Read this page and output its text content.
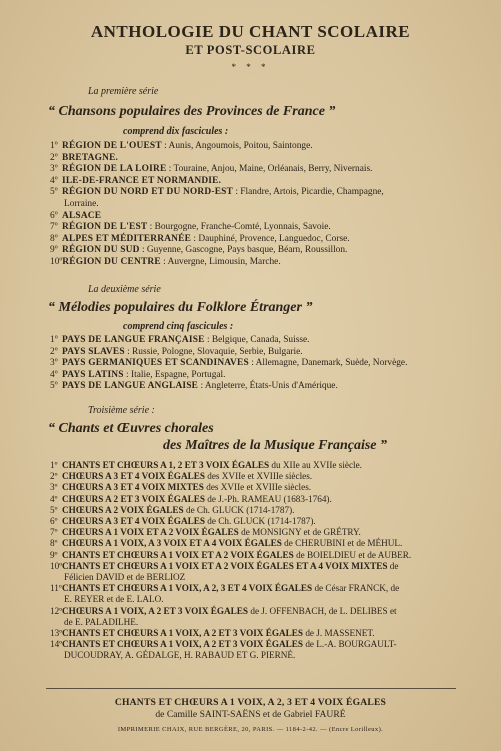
ANTHOLOGIE DU CHANT SCOLAIRE
ET POST-SCOLAIRE
* * *
La première série
“ Chansons populaires des Provinces de France ”
comprend dix fascicules :
1ºRÉGION DE L'OUEST : Aunis, Angoumois, Poitou, Saintonge.
2ºBRETAGNE.
3ºRÉGION DE LA LOIRE : Touraine, Anjou, Maine, Orléanais, Berry, Nivernais.
4ºILE-DE-FRANCE ET NORMANDIE.
5ºRÉGION DU NORD ET DU NORD-EST : Flandre, Artois, Picardie, Champagne,
Lorraine.
6ºALSACE
7ºRÉGION DE L'EST : Bourgogne, Franche-Comté, Lyonnais, Savoie.
8ºALPES ET MÉDITERRANÉE : Dauphiné, Provence, Languedoc, Corse.
9ºRÉGION DU SUD : Guyenne, Gascogne, Pays basque, Béarn, Roussillon.
10ºRÉGION DU CENTRE : Auvergne, Limousin, Marche.
La deuxième série
“ Mélodies populaires du Folklore Étranger ”
comprend cinq fascicules :
1ºPAYS DE LANGUE FRANÇAISE : Belgique, Canada, Suisse.
2ºPAYS SLAVES : Russie, Pologne, Slovaquie, Serbie, Bulgarie.
3ºPAYS GERMANIQUES ET SCANDINAVES : Allemagne, Danemark, Suède, Norvège.
4ºPAYS LATINS : Italie, Espagne, Portugal.
5ºPAYS DE LANGUE ANGLAISE : Angleterre, États-Unis d'Amérique.
Troisième série :
“ Chants et Œuvres chorales
des Maîtres de la Musique Française ”
1ºCHANTS ET CHŒURS A 1, 2 ET 3 VOIX ÉGALES du XIIe au XVIIe siècle.
2ºCHŒURS A 3 ET 4 VOIX ÉGALES des XVIIe et XVIIIe siècles.
3ºCHŒURS A 3 ET 4 VOIX MIXTES des XVIIe et XVIIIe siècles.
4ºCHŒURS A 2 ET 3 VOIX ÉGALES de J.-Ph. RAMEAU (1683-1764).
5ºCHŒURS A 2 VOIX ÉGALES de Ch. GLUCK (1714-1787).
6ºCHŒURS A 3 ET 4 VOIX ÉGALES de Ch. GLUCK (1714-1787).
7ºCHŒURS A 1 VOIX ET A 2 VOIX ÉGALES de MONSIGNY et de GRÉTRY.
8ºCHŒURS A 1 VOIX, A 3 VOIX ET A 4 VOIX ÉGALES de CHERUBINI et de MÉHUL.
9ºCHANTS ET CHŒURS A 1 VOIX ET A 2 VOIX ÉGALES de BOIELDIEU et de AUBER.
10ºCHANTS ET CHŒURS A 1 VOIX ET A 2 VOIX ÉGALES ET A 4 VOIX MIXTES de
Félicien DAVID et de BERLIOZ
11ºCHANTS ET CHŒURS A 1 VOIX, A 2, 3 ET 4 VOIX ÉGALES de César FRANCK, de
E. REYER et de E. LALO.
12ºCHŒURS A 1 VOIX, A 2 ET 3 VOIX ÉGALES de J. OFFENBACH, de L. DELIBES et
de E. PALADILHE.
13ºCHANTS ET CHŒURS A 1 VOIX, A 2 ET 3 VOIX ÉGALES de J. MASSENET.
14ºCHANTS ET CHŒURS A 1 VOIX, A 2 ET 3 VOIX ÉGALES de L.-A. BOURGAULT-
DUCOUDRAY, A. GÉDALGE, H. RABAUD ET G. PIERNÉ.
CHANTS ET CHŒURS A 1 VOIX, A 2, 3 ET 4 VOIX ÉGALES
de Camille SAINT-SAËNS et de Gabriel FAURÉ
IMPRIMERIE CHAIX, RUE BERGÈRE, 20, PARIS. — 1184-2-42. — (Encre Lorilleux).
